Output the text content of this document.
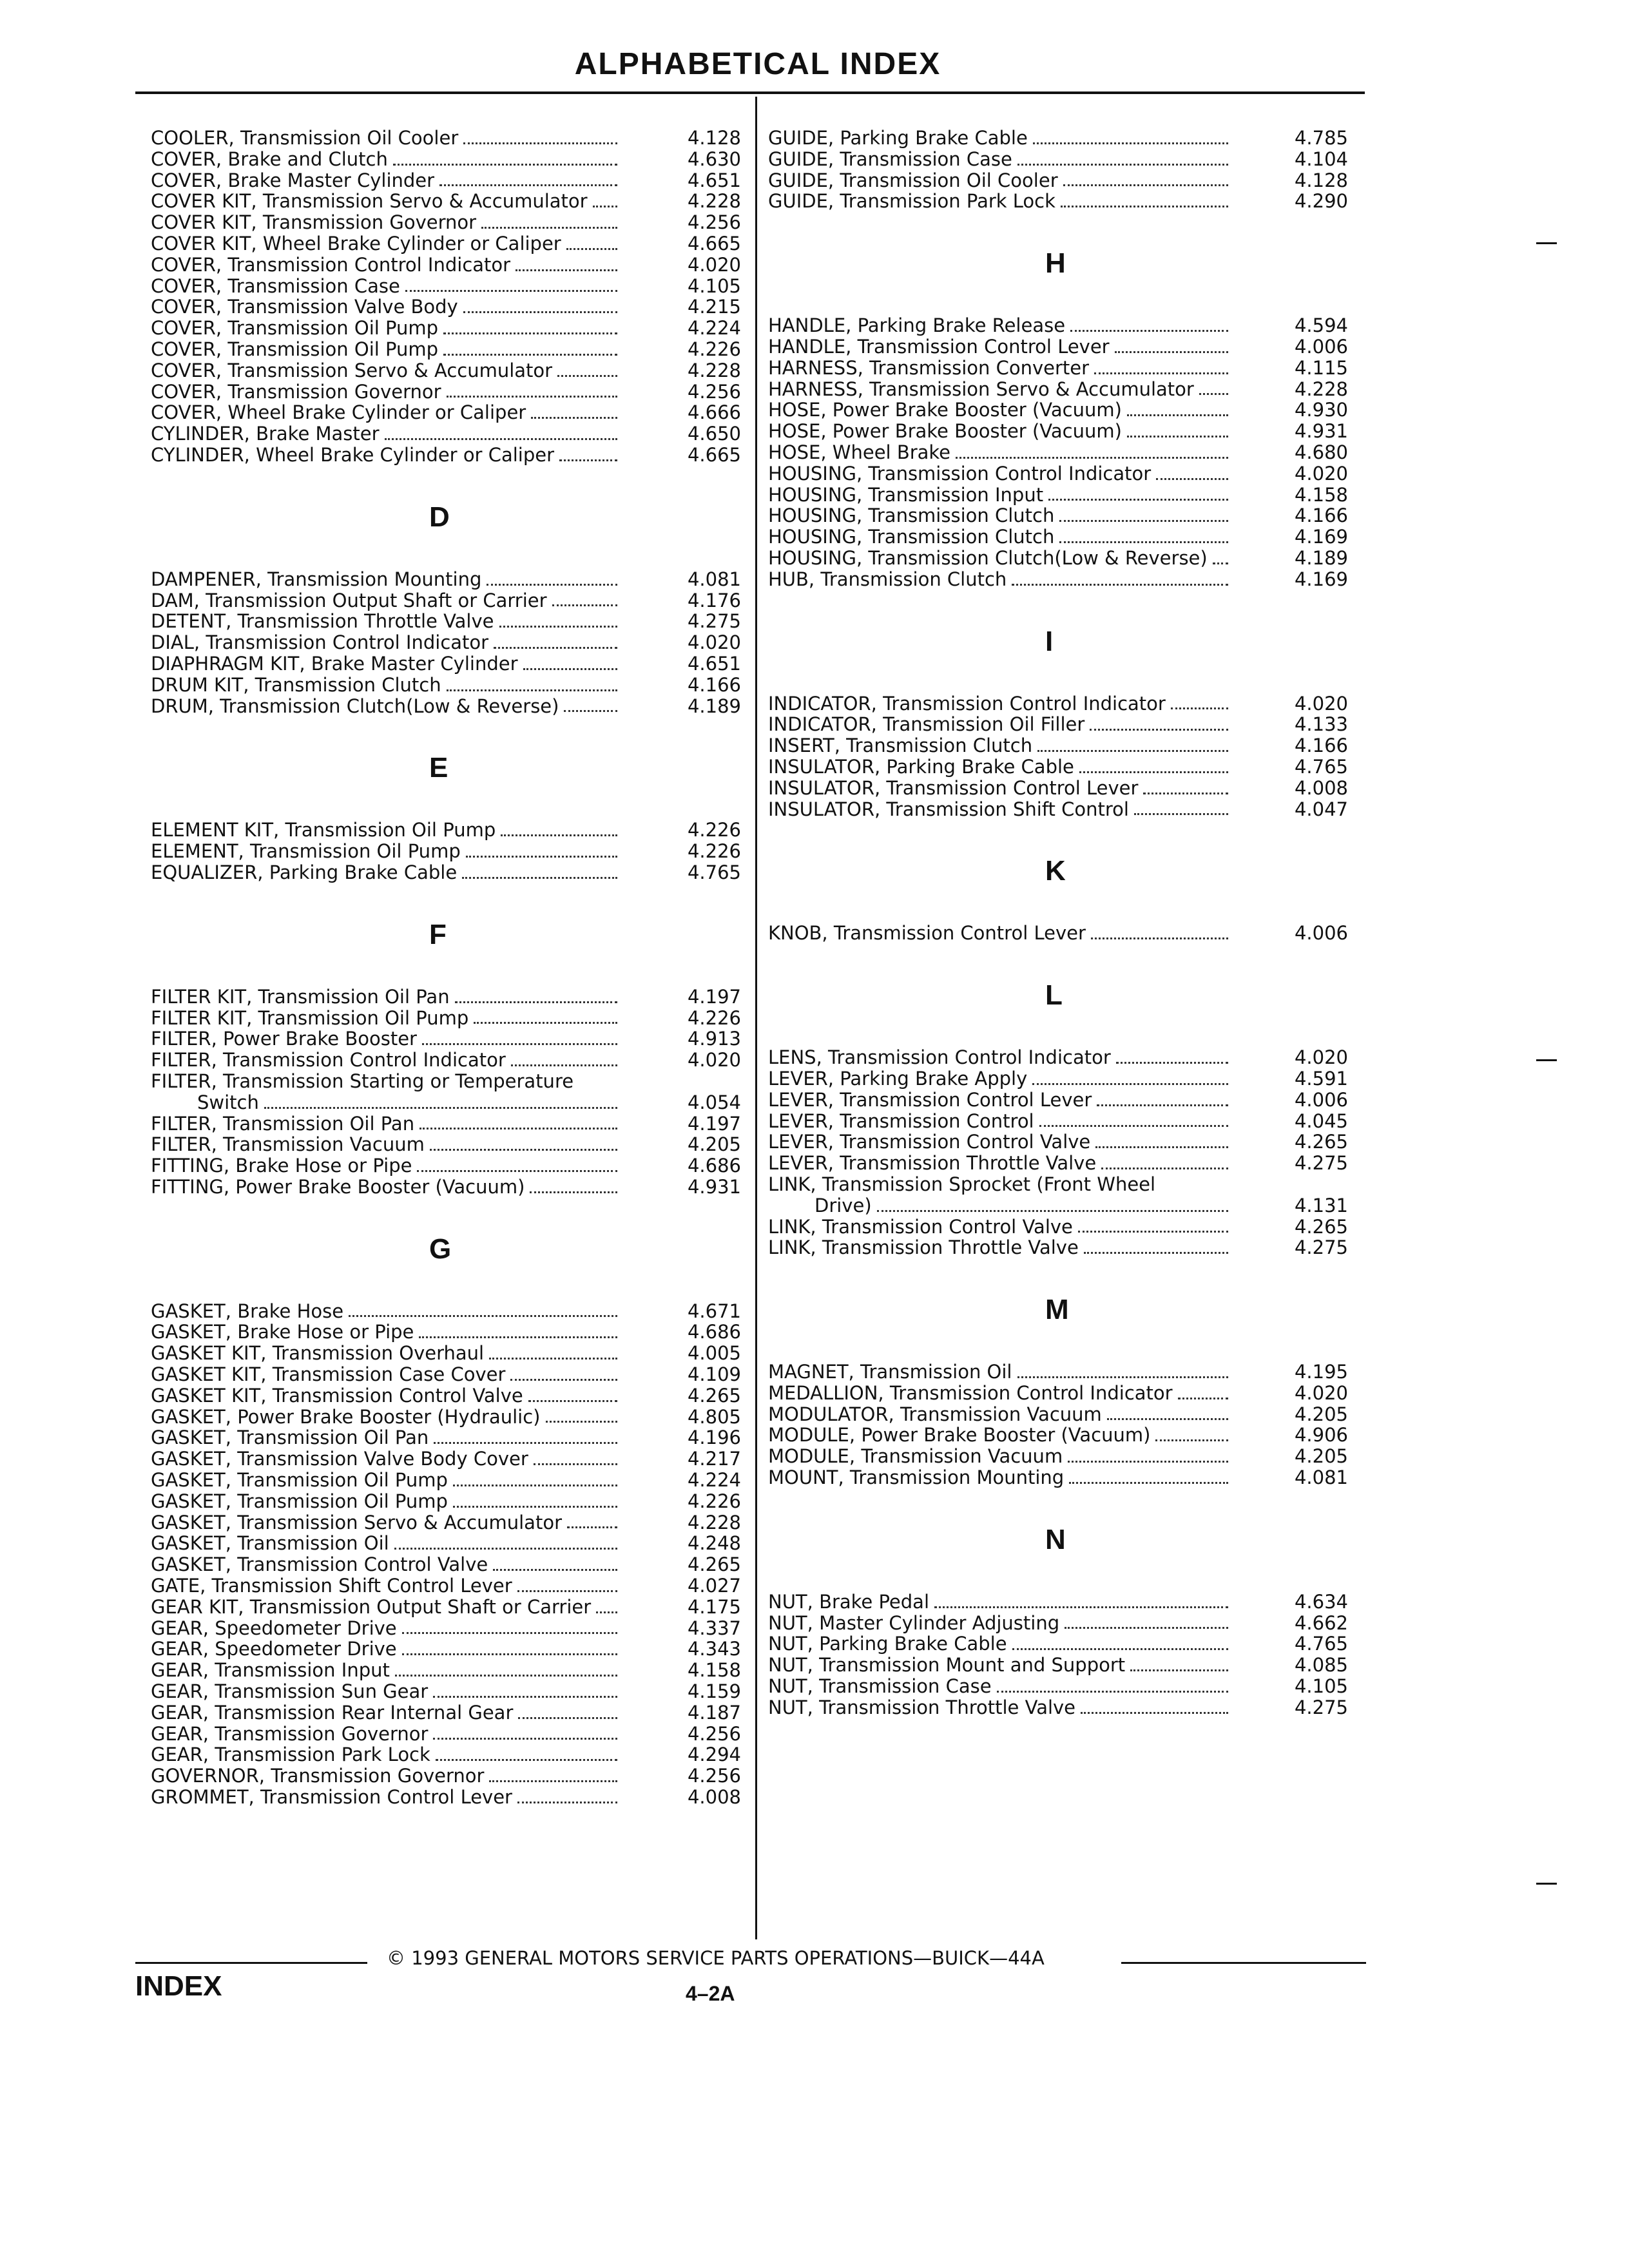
ALPHABETICAL INDEX
COOLER, Transmission Oil Cooler	4.128
COVER, Brake and Clutch	4.630
COVER, Brake Master Cylinder	4.651
COVER KIT, Transmission Servo & Accumulator	4.228
COVER KIT, Transmission Governor	4.256
COVER KIT, Wheel Brake Cylinder or Caliper	4.665
COVER, Transmission Control Indicator	4.020
COVER, Transmission Case	4.105
COVER, Transmission Valve Body	4.215
COVER, Transmission Oil Pump	4.224
COVER, Transmission Oil Pump	4.226
COVER, Transmission Servo & Accumulator	4.228
COVER, Transmission Governor	4.256
COVER, Wheel Brake Cylinder or Caliper	4.666
CYLINDER, Brake Master	4.650
CYLINDER, Wheel Brake Cylinder or Caliper	4.665
D
DAMPENER, Transmission Mounting	4.081
DAM, Transmission Output Shaft or Carrier	4.176
DETENT, Transmission Throttle Valve	4.275
DIAL, Transmission Control Indicator	4.020
DIAPHRAGM KIT, Brake Master Cylinder	4.651
DRUM KIT, Transmission Clutch	4.166
DRUM, Transmission Clutch(Low & Reverse)	4.189
E
ELEMENT KIT, Transmission Oil Pump	4.226
ELEMENT, Transmission Oil Pump	4.226
EQUALIZER, Parking Brake Cable	4.765
F
FILTER KIT, Transmission Oil Pan	4.197
FILTER KIT, Transmission Oil Pump	4.226
FILTER, Power Brake Booster	4.913
FILTER, Transmission Control Indicator	4.020
FILTER, Transmission Starting or Temperature
Switch	4.054
FILTER, Transmission Oil Pan	4.197
FILTER, Transmission Vacuum	4.205
FITTING, Brake Hose or Pipe	4.686
FITTING, Power Brake Booster (Vacuum)	4.931
G
GASKET, Brake Hose	4.671
GASKET, Brake Hose or Pipe	4.686
GASKET KIT, Transmission Overhaul	4.005
GASKET KIT, Transmission Case Cover	4.109
GASKET KIT, Transmission Control Valve	4.265
GASKET, Power Brake Booster (Hydraulic)	4.805
GASKET, Transmission Oil Pan	4.196
GASKET, Transmission Valve Body Cover	4.217
GASKET, Transmission Oil Pump	4.224
GASKET, Transmission Oil Pump	4.226
GASKET, Transmission Servo & Accumulator	4.228
GASKET, Transmission Oil	4.248
GASKET, Transmission Control Valve	4.265
GATE, Transmission Shift Control Lever	4.027
GEAR KIT, Transmission Output Shaft or Carrier	4.175
GEAR, Speedometer Drive	4.337
GEAR, Speedometer Drive	4.343
GEAR, Transmission Input	4.158
GEAR, Transmission Sun Gear	4.159
GEAR, Transmission Rear Internal Gear	4.187
GEAR, Transmission Governor	4.256
GEAR, Transmission Park Lock	4.294
GOVERNOR, Transmission Governor	4.256
GROMMET, Transmission Control Lever	4.008
GUIDE, Parking Brake Cable	4.785
GUIDE, Transmission Case	4.104
GUIDE, Transmission Oil Cooler	4.128
GUIDE, Transmission Park Lock	4.290
H
HANDLE, Parking Brake Release	4.594
HANDLE, Transmission Control Lever	4.006
HARNESS, Transmission Converter	4.115
HARNESS, Transmission Servo & Accumulator	4.228
HOSE, Power Brake Booster (Vacuum)	4.930
HOSE, Power Brake Booster (Vacuum)	4.931
HOSE, Wheel Brake	4.680
HOUSING, Transmission Control Indicator	4.020
HOUSING, Transmission Input	4.158
HOUSING, Transmission Clutch	4.166
HOUSING, Transmission Clutch	4.169
HOUSING, Transmission Clutch(Low & Reverse)	4.189
HUB, Transmission Clutch	4.169
I
INDICATOR, Transmission Control Indicator	4.020
INDICATOR, Transmission Oil Filler	4.133
INSERT, Transmission Clutch	4.166
INSULATOR, Parking Brake Cable	4.765
INSULATOR, Transmission Control Lever	4.008
INSULATOR, Transmission Shift Control	4.047
K
KNOB, Transmission Control Lever	4.006
L
LENS, Transmission Control Indicator	4.020
LEVER, Parking Brake Apply	4.591
LEVER, Transmission Control Lever	4.006
LEVER, Transmission Control	4.045
LEVER, Transmission Control Valve	4.265
LEVER, Transmission Throttle Valve	4.275
LINK, Transmission Sprocket (Front Wheel
Drive)	4.131
LINK, Transmission Control Valve	4.265
LINK, Transmission Throttle Valve	4.275
M
MAGNET, Transmission Oil	4.195
MEDALLION, Transmission Control Indicator	4.020
MODULATOR, Transmission Vacuum	4.205
MODULE, Power Brake Booster (Vacuum)	4.906
MODULE, Transmission Vacuum	4.205
MOUNT, Transmission Mounting	4.081
N
NUT, Brake Pedal	4.634
NUT, Master Cylinder Adjusting	4.662
NUT, Parking Brake Cable	4.765
NUT, Transmission Mount and Support	4.085
NUT, Transmission Case	4.105
NUT, Transmission Throttle Valve	4.275
© 1993 GENERAL MOTORS SERVICE PARTS OPERATIONS—BUICK—44A
INDEX	4–2A
